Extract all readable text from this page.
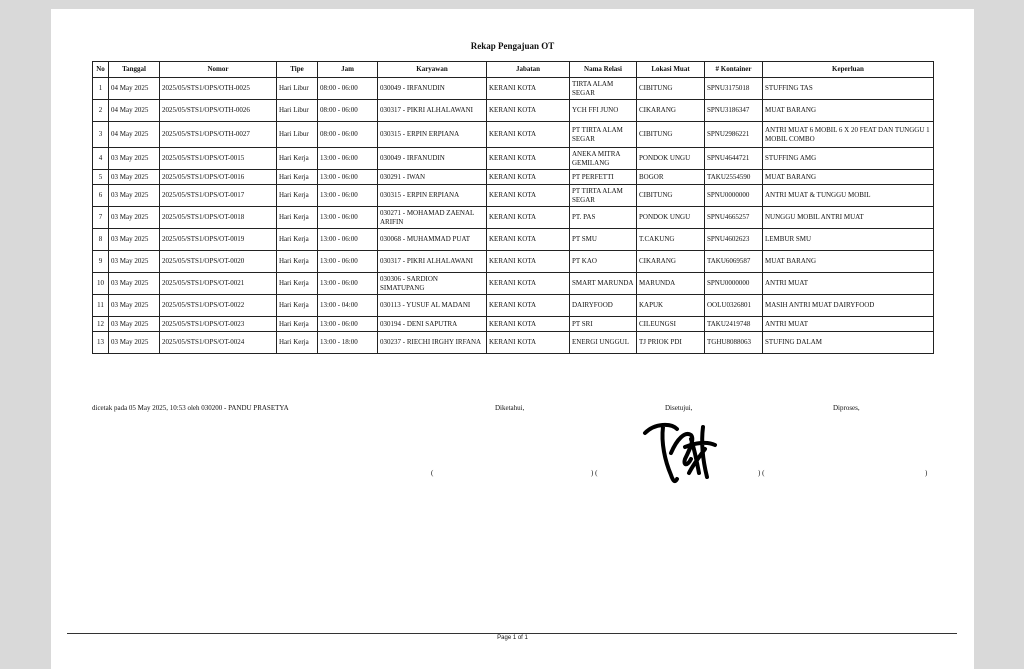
Rekap Pengajuan OT
No	Tanggal	Nomor	Tipe	Jam	Karyawan	Jabatan	Nama Relasi	Lokasi Muat	# Kontainer	Keperluan
1	04 May 2025	2025/05/STS1/OPS/OTH-0025	Hari Libur	08:00 - 06:00	030049 - IRFANUDIN	KERANI KOTA	TIRTA ALAM SEGAR	CIBITUNG	SPNU3175018	STUFFING TAS
2	04 May 2025	2025/05/STS1/OPS/OTH-0026	Hari Libur	08:00 - 06:00	030317 - PIKRI ALHALAWANI	KERANI KOTA	YCH FFI JUNO	CIKARANG	SPNU3186347	MUAT BARANG
3	04 May 2025	2025/05/STS1/OPS/OTH-0027	Hari Libur	08:00 - 06:00	030315 - ERPIN ERPIANA	KERANI KOTA	PT TIRTA ALAM SEGAR	CIBITUNG	SPNU2986221	ANTRI MUAT 6 MOBIL 6 X 20 FEAT DAN TUNGGU 1 MOBIL COMBO
4	03 May 2025	2025/05/STS1/OPS/OT-0015	Hari Kerja	13:00 - 06:00	030049 - IRFANUDIN	KERANI KOTA	ANEKA MITRA GEMILANG	PONDOK UNGU	SPNU4644721	STUFFING AMG
5	03 May 2025	2025/05/STS1/OPS/OT-0016	Hari Kerja	13:00 - 06:00	030291 - IWAN	KERANI KOTA	PT PERFETTI	BOGOR	TAKU2554590	MUAT BARANG
6	03 May 2025	2025/05/STS1/OPS/OT-0017	Hari Kerja	13:00 - 06:00	030315 - ERPIN ERPIANA	KERANI KOTA	PT TIRTA ALAM SEGAR	CIBITUNG	SPNU0000000	ANTRI MUAT & TUNGGU MOBIL
7	03 May 2025	2025/05/STS1/OPS/OT-0018	Hari Kerja	13:00 - 06:00	030271 - MOHAMAD ZAENAL ARIFIN	KERANI KOTA	PT. PAS	PONDOK UNGU	SPNU4665257	NUNGGU MOBIL ANTRI MUAT
8	03 May 2025	2025/05/STS1/OPS/OT-0019	Hari Kerja	13:00 - 06:00	030068 - MUHAMMAD PUAT	KERANI KOTA	PT SMU	T.CAKUNG	SPNU4602623	LEMBUR SMU
9	03 May 2025	2025/05/STS1/OPS/OT-0020	Hari Kerja	13:00 - 06:00	030317 - PIKRI ALHALAWANI	KERANI KOTA	PT KAO	CIKARANG	TAKU6069587	MUAT BARANG
10	03 May 2025	2025/05/STS1/OPS/OT-0021	Hari Kerja	13:00 - 06:00	030306 - SARDION SIMATUPANG	KERANI KOTA	SMART MARUNDA	MARUNDA	SPNU0000000	ANTRI MUAT
11	03 May 2025	2025/05/STS1/OPS/OT-0022	Hari Kerja	13:00 - 04:00	030113 - YUSUF AL MADANI	KERANI KOTA	DAIRYFOOD	KAPUK	OOLU0326801	MASIH ANTRI MUAT DAIRYFOOD
12	03 May 2025	2025/05/STS1/OPS/OT-0023	Hari Kerja	13:00 - 06:00	030194 - DENI SAPUTRA	KERANI KOTA	PT SRI	CILEUNGSI	TAKU2419748	ANTRI MUAT
13	03 May 2025	2025/05/STS1/OPS/OT-0024	Hari Kerja	13:00 - 18:00	030237 - RIECHI IRGHY IRFANA	KERANI KOTA	ENERGI UNGGUL	TJ PRIOK PDI	TGHU8088063	STUFING DALAM
dicetak pada 05 May 2025, 10:53 oleh 030200 - PANDU PRASETYA	Diketahui,	Disetujui,	Diproses,
(	) (	) (	)
Page 1 of 1
